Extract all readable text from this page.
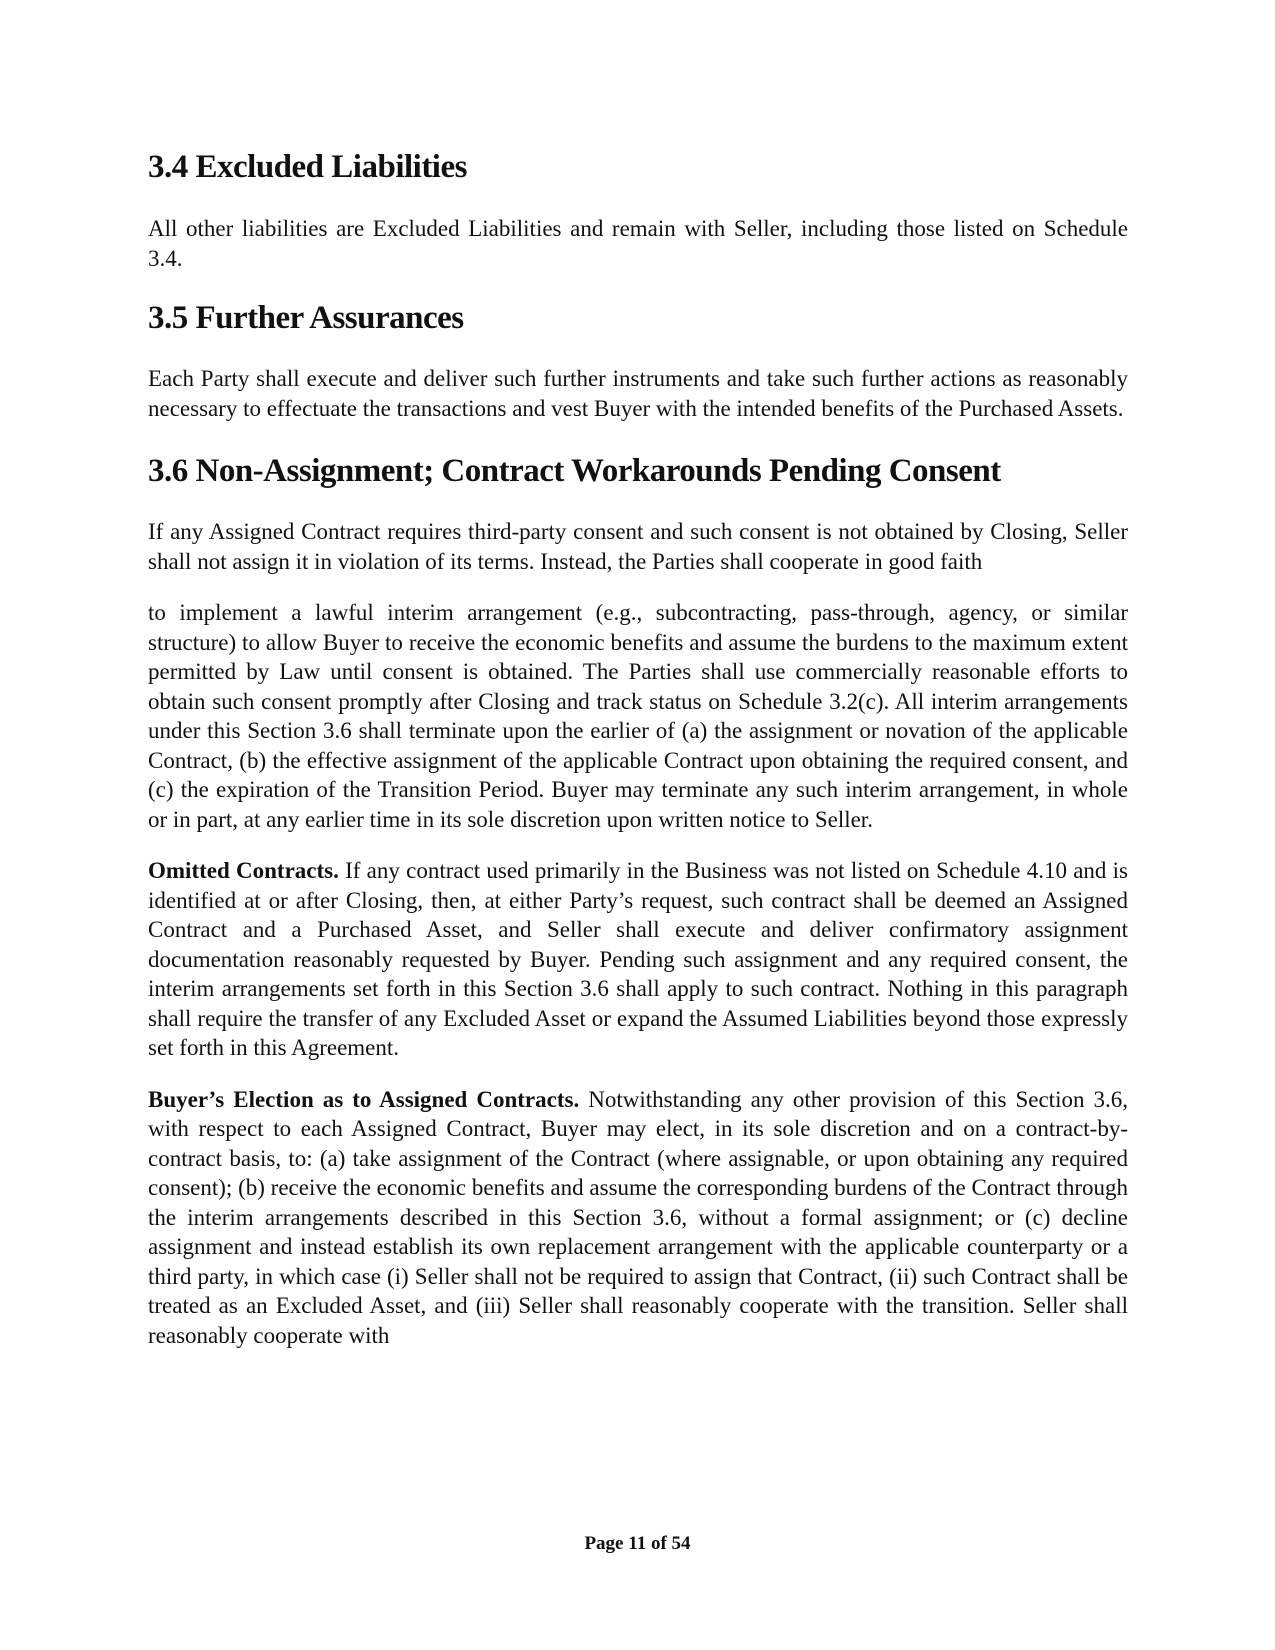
3.4 Excluded Liabilities

All other liabilities are Excluded Liabilities and remain with Seller, including those listed on Schedule 3.4.

3.5 Further Assurances

Each Party shall execute and deliver such further instruments and take such further actions as reasonably necessary to effectuate the transactions and vest Buyer with the intended benefits of the Purchased Assets.

3.6 Non-Assignment; Contract Workarounds Pending Consent

If any Assigned Contract requires third-party consent and such consent is not obtained by Closing, Seller shall not assign it in violation of its terms. Instead, the Parties shall cooperate in good faith

to implement a lawful interim arrangement (e.g., subcontracting, pass-through, agency, or similar structure) to allow Buyer to receive the economic benefits and assume the burdens to the maximum extent permitted by Law until consent is obtained. The Parties shall use commercially reasonable efforts to obtain such consent promptly after Closing and track status on Schedule 3.2(c). All interim arrangements under this Section 3.6 shall terminate upon the earlier of (a) the assignment or novation of the applicable Contract, (b) the effective assignment of the applicable Contract upon obtaining the required consent, and (c) the expiration of the Transition Period. Buyer may terminate any such interim arrangement, in whole or in part, at any earlier time in its sole discretion upon written notice to Seller.

Omitted Contracts. If any contract used primarily in the Business was not listed on Schedule 4.10 and is identified at or after Closing, then, at either Party’s request, such contract shall be deemed an Assigned Contract and a Purchased Asset, and Seller shall execute and deliver confirmatory assignment documentation reasonably requested by Buyer. Pending such assignment and any required consent, the interim arrangements set forth in this Section 3.6 shall apply to such contract. Nothing in this paragraph shall require the transfer of any Excluded Asset or expand the Assumed Liabilities beyond those expressly set forth in this Agreement.

Buyer’s Election as to Assigned Contracts. Notwithstanding any other provision of this Section 3.6, with respect to each Assigned Contract, Buyer may elect, in its sole discretion and on a contract-by-contract basis, to: (a) take assignment of the Contract (where assignable, or upon obtaining any required consent); (b) receive the economic benefits and assume the corresponding burdens of the Contract through the interim arrangements described in this Section 3.6, without a formal assignment; or (c) decline assignment and instead establish its own replacement arrangement with the applicable counterparty or a third party, in which case (i) Seller shall not be required to assign that Contract, (ii) such Contract shall be treated as an Excluded Asset, and (iii) Seller shall reasonably cooperate with the transition. Seller shall reasonably cooperate with

Page 11 of 54
